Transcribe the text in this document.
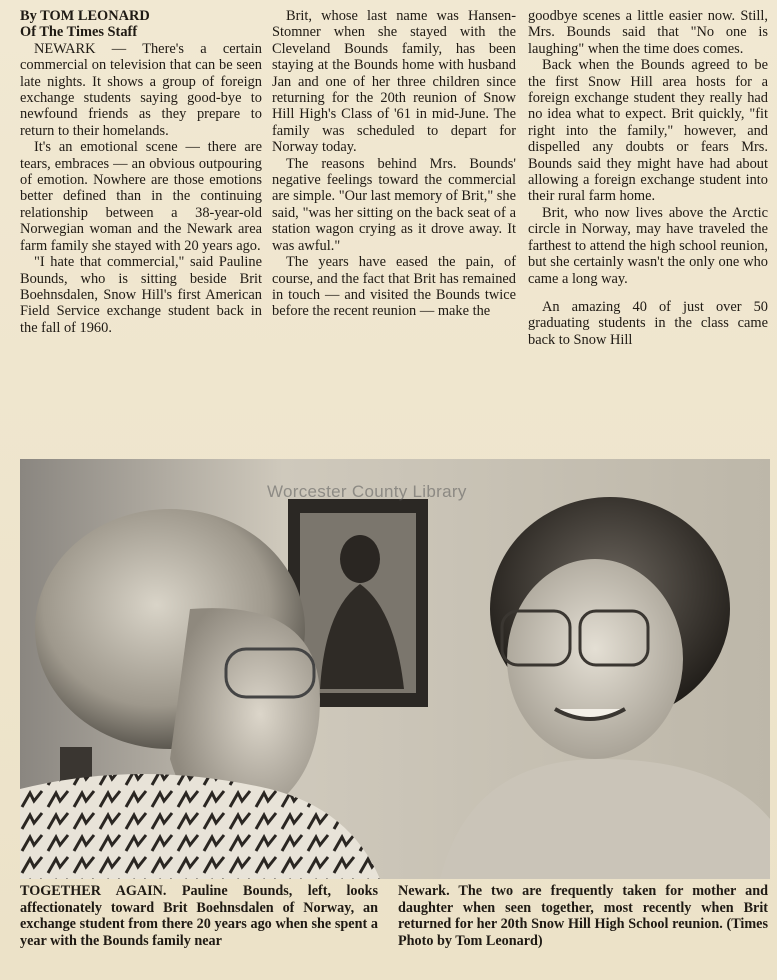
By TOM LEONARD

Of The Times Staff

NEWARK — There's a certain commercial on television that can be seen late nights. It shows a group of foreign exchange students saying good-bye to newfound friends as they prepare to return to their homelands.

It's an emotional scene — there are tears, embraces — an obvious outpouring of emotion. Nowhere are those emotions better defined than in the continuing relationship between a 38-year-old Norwegian woman and the Newark area farm family she stayed with 20 years ago.

"I hate that commercial," said Pauline Bounds, who is sitting beside Brit Boehnsdalen, Snow Hill's first American Field Service exchange student back in the fall of 1960.

Brit, whose last name was Hansen-Stomner when she stayed with the Cleveland Bounds family, has been staying at the Bounds home with husband Jan and one of her three children since returning for the 20th reunion of Snow Hill High's Class of '61 in mid-June. The family was scheduled to depart for Norway today.

The reasons behind Mrs. Bounds' negative feelings toward the commercial are simple. "Our last memory of Brit," she said, "was her sitting on the back seat of a station wagon crying as it drove away. It was awful."

The years have eased the pain, of course, and the fact that Brit has remained in touch — and visited the Bounds twice before the recent reunion — make the

goodbye scenes a little easier now. Still, Mrs. Bounds said that "No one is laughing" when the time does comes.

Back when the Bounds agreed to be the first Snow Hill area hosts for a foreign exchange student they really had no idea what to expect. Brit quickly, "fit right into the family," however, and dispelled any doubts or fears Mrs. Bounds said they might have had about allowing a foreign exchange student into their rural farm home.

Brit, who now lives above the Arctic circle in Norway, may have traveled the farthest to attend the high school reunion, but she certainly wasn't the only one who came a long way.

An amazing 40 of just over 50 graduating students in the class came back to Snow Hill

Worcester County Library
TOGETHER AGAIN. Pauline Bounds, left, looks affectionately toward Brit Boehnsdalen of Norway, an exchange student from there 20 years ago when she spent a year with the Bounds family near
Newark. The two are frequently taken for mother and daughter when seen together, most recently when Brit returned for her 20th Snow Hill High School reunion. (Times Photo by Tom Leonard)
